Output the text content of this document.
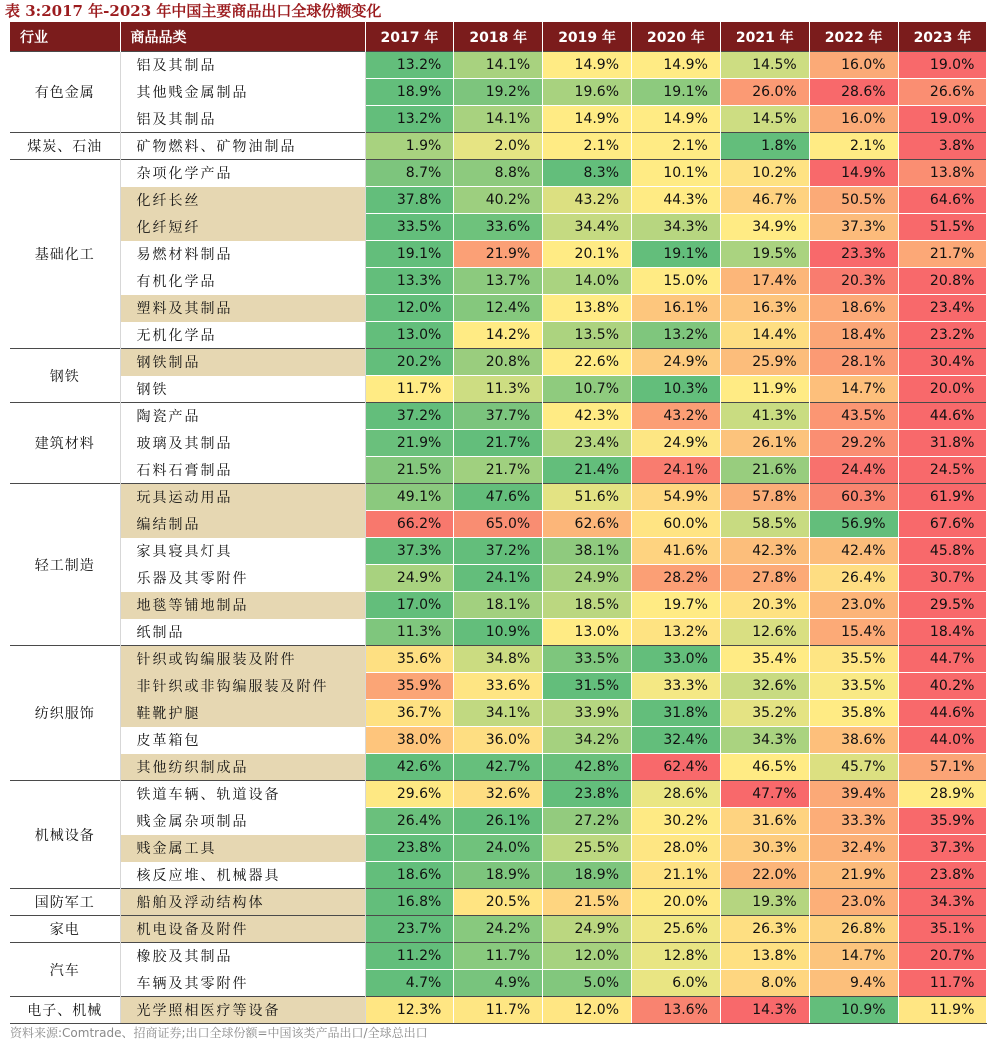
表 3:2017 年-2023 年中国主要商品出口全球份额变化
行业	商品品类	2017 年	2018 年	2019 年	2020 年	2021 年	2022 年	2023 年
有色金属	铝及其制品	13.2%	14.1%	14.9%	14.9%	14.5%	16.0%	19.0%
	其他贱金属制品	18.9%	19.2%	19.6%	19.1%	26.0%	28.6%	26.6%
	铝及其制品	13.2%	14.1%	14.9%	14.9%	14.5%	16.0%	19.0%
煤炭、石油	矿物燃料、矿物油制品	1.9%	2.0%	2.1%	2.1%	1.8%	2.1%	3.8%
基础化工	杂项化学产品	8.7%	8.8%	8.3%	10.1%	10.2%	14.9%	13.8%
	化纤长丝	37.8%	40.2%	43.2%	44.3%	46.7%	50.5%	64.6%
	化纤短纤	33.5%	33.6%	34.4%	34.3%	34.9%	37.3%	51.5%
	易燃材料制品	19.1%	21.9%	20.1%	19.1%	19.5%	23.3%	21.7%
	有机化学品	13.3%	13.7%	14.0%	15.0%	17.4%	20.3%	20.8%
	塑料及其制品	12.0%	12.4%	13.8%	16.1%	16.3%	18.6%	23.4%
	无机化学品	13.0%	14.2%	13.5%	13.2%	14.4%	18.4%	23.2%
钢铁	钢铁制品	20.2%	20.8%	22.6%	24.9%	25.9%	28.1%	30.4%
	钢铁	11.7%	11.3%	10.7%	10.3%	11.9%	14.7%	20.0%
建筑材料	陶瓷产品	37.2%	37.7%	42.3%	43.2%	41.3%	43.5%	44.6%
	玻璃及其制品	21.9%	21.7%	23.4%	24.9%	26.1%	29.2%	31.8%
	石料石膏制品	21.5%	21.7%	21.4%	24.1%	21.6%	24.4%	24.5%
轻工制造	玩具运动用品	49.1%	47.6%	51.6%	54.9%	57.8%	60.3%	61.9%
	编结制品	66.2%	65.0%	62.6%	60.0%	58.5%	56.9%	67.6%
	家具寝具灯具	37.3%	37.2%	38.1%	41.6%	42.3%	42.4%	45.8%
	乐器及其零附件	24.9%	24.1%	24.9%	28.2%	27.8%	26.4%	30.7%
	地毯等铺地制品	17.0%	18.1%	18.5%	19.7%	20.3%	23.0%	29.5%
	纸制品	11.3%	10.9%	13.0%	13.2%	12.6%	15.4%	18.4%
纺织服饰	针织或钩编服装及附件	35.6%	34.8%	33.5%	33.0%	35.4%	35.5%	44.7%
	非针织或非钩编服装及附件	35.9%	33.6%	31.5%	33.3%	32.6%	33.5%	40.2%
	鞋靴护腿	36.7%	34.1%	33.9%	31.8%	35.2%	35.8%	44.6%
	皮革箱包	38.0%	36.0%	34.2%	32.4%	34.3%	38.6%	44.0%
	其他纺织制成品	42.6%	42.7%	42.8%	62.4%	46.5%	45.7%	57.1%
机械设备	铁道车辆、轨道设备	29.6%	32.6%	23.8%	28.6%	47.7%	39.4%	28.9%
	贱金属杂项制品	26.4%	26.1%	27.2%	30.2%	31.6%	33.3%	35.9%
	贱金属工具	23.8%	24.0%	25.5%	28.0%	30.3%	32.4%	37.3%
	核反应堆、机械器具	18.6%	18.9%	18.9%	21.1%	22.0%	21.9%	23.8%
国防军工	船舶及浮动结构体	16.8%	20.5%	21.5%	20.0%	19.3%	23.0%	34.3%
家电	机电设备及附件	23.7%	24.2%	24.9%	25.6%	26.3%	26.8%	35.1%
汽车	橡胶及其制品	11.2%	11.7%	12.0%	12.8%	13.8%	14.7%	20.7%
	车辆及其零附件	4.7%	4.9%	5.0%	6.0%	8.0%	9.4%	11.7%
电子、机械	光学照相医疗等设备	12.3%	11.7%	12.0%	13.6%	14.3%	10.9%	11.9%
资料来源:Comtrade、招商证券;出口全球份额=中国该类产品出口/全球总出口
